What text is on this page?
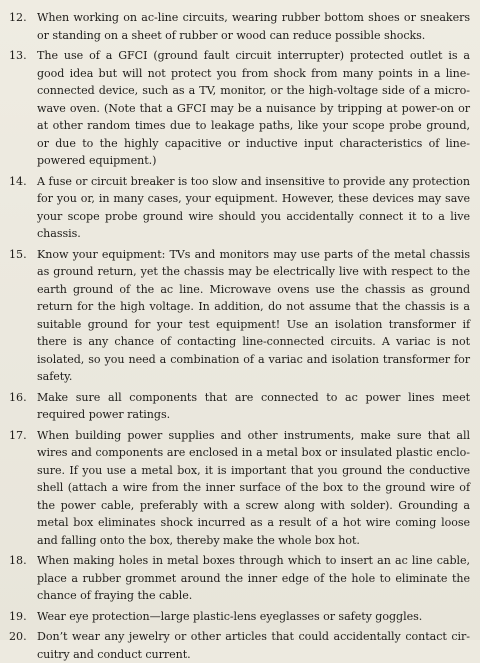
12. When working on ac-line circuits, wearing rubber bottom shoes or sneakers or standing on a sheet of rubber or wood can reduce possible shocks.
13. The use of a GFCI (ground fault circuit interrupter) protected outlet is a good idea but will not protect you from shock from many points in a line-connected device, such as a TV, monitor, or the high-voltage side of a micro-wave oven. (Note that a GFCI may be a nuisance by tripping at power-on or at other random times due to leakage paths, like your scope probe ground, or due to the highly capacitive or inductive input characteristics of line-powered equipment.)
14. A fuse or circuit breaker is too slow and insensitive to provide any protection for you or, in many cases, your equipment. However, these devices may save your scope probe ground wire should you accidentally connect it to a live chassis.
15. Know your equipment: TVs and monitors may use parts of the metal chassis as ground return, yet the chassis may be electrically live with respect to the earth ground of the ac line. Microwave ovens use the chassis as ground return for the high voltage. In addition, do not assume that the chassis is a suitable ground for your test equipment! Use an isolation transformer if there is any chance of contacting line-connected circuits. A variac is not isolated, so you need a combination of a variac and isolation transformer for safety.
16. Make sure all components that are connected to ac power lines meet required power ratings.
17. When building power supplies and other instruments, make sure that all wires and components are enclosed in a metal box or insulated plastic enclo-sure. If you use a metal box, it is important that you ground the conductive shell (attach a wire from the inner surface of the box to the ground wire of the power cable, preferably with a screw along with solder). Grounding a metal box eliminates shock incurred as a result of a hot wire coming loose and falling onto the box, thereby make the whole box hot.
18. When making holes in metal boxes through which to insert an ac line cable, place a rubber grommet around the inner edge of the hole to eliminate the chance of fraying the cable.
19. Wear eye protection—large plastic-lens eyeglasses or safety goggles.
20. Don’t wear any jewelry or other articles that could accidentally contact cir-cuitry and conduct current.
